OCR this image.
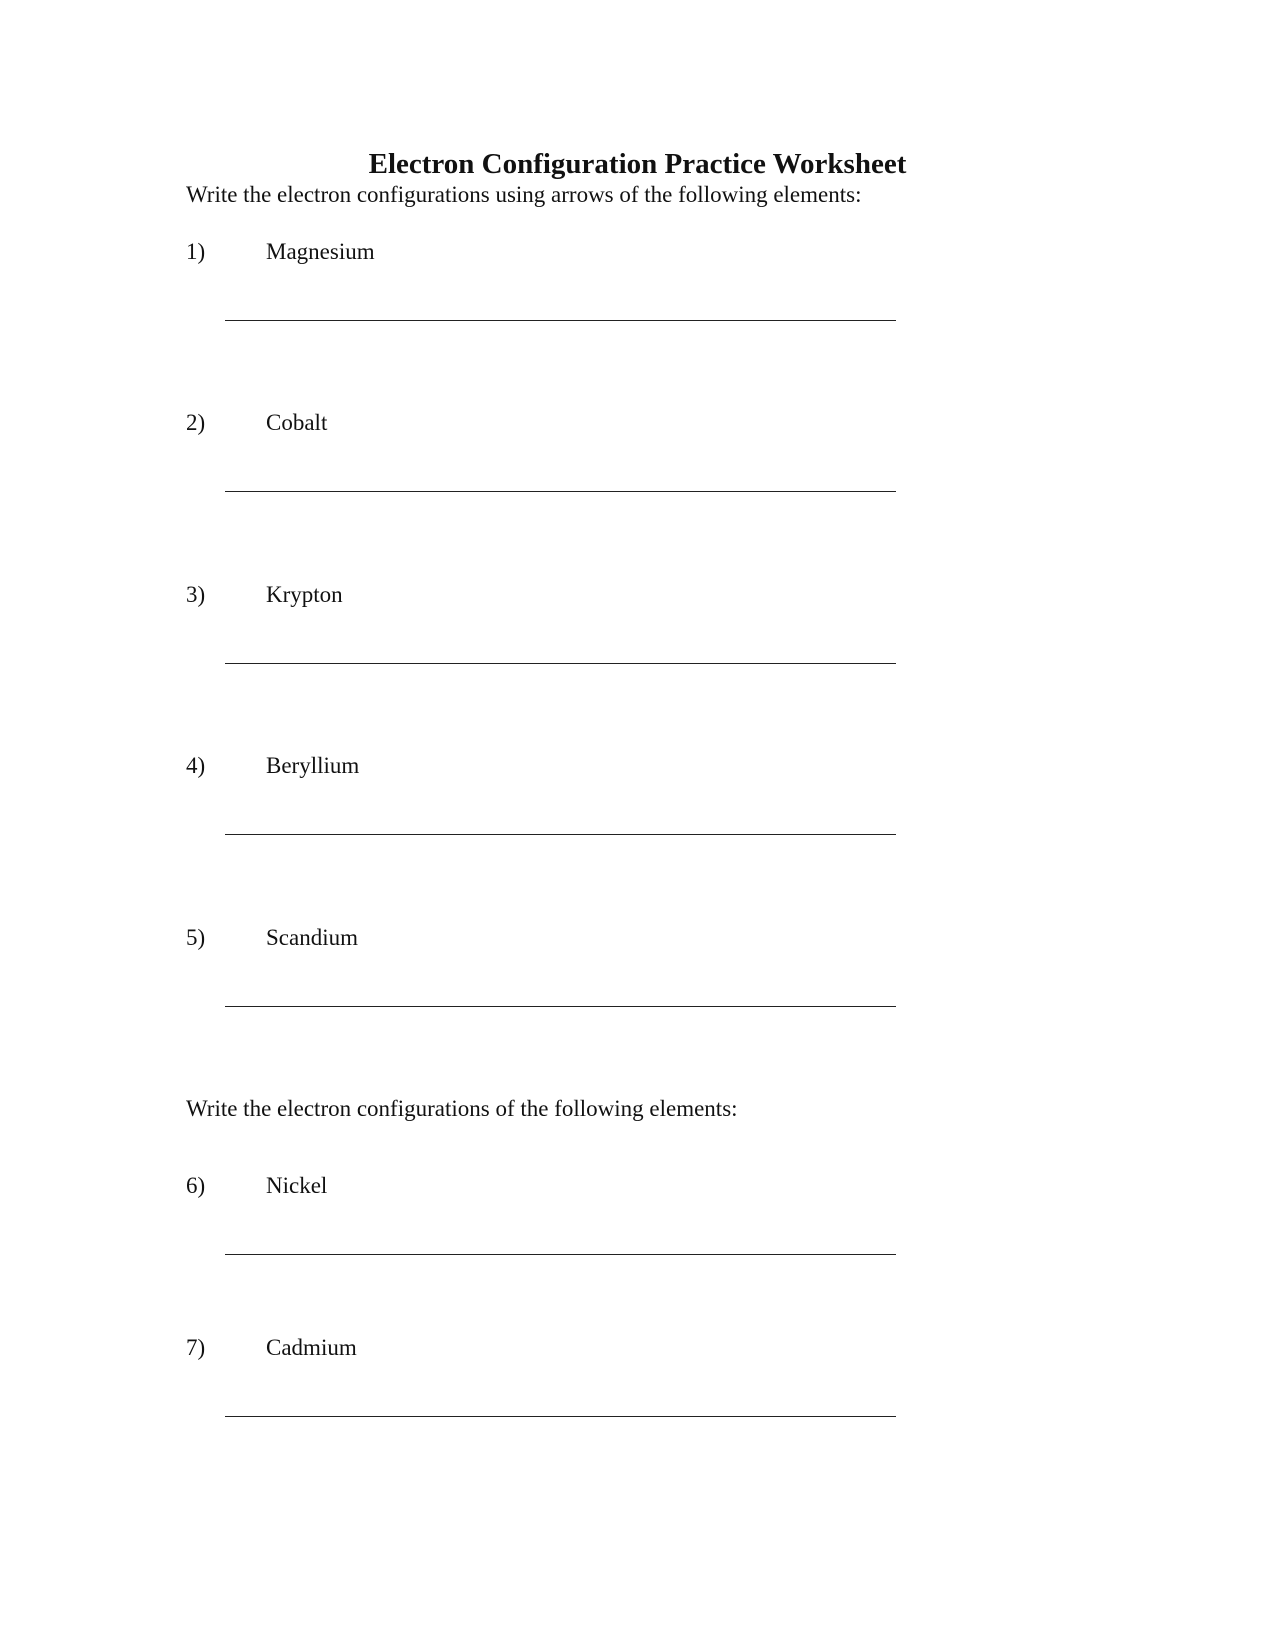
Electron Configuration Practice Worksheet
Write the electron configurations using arrows of the following elements:
1)	Magnesium
2)	Cobalt
3)	Krypton
4)	Beryllium
5)	Scandium
Write the electron configurations of the following elements:
6)	Nickel
7)	Cadmium
